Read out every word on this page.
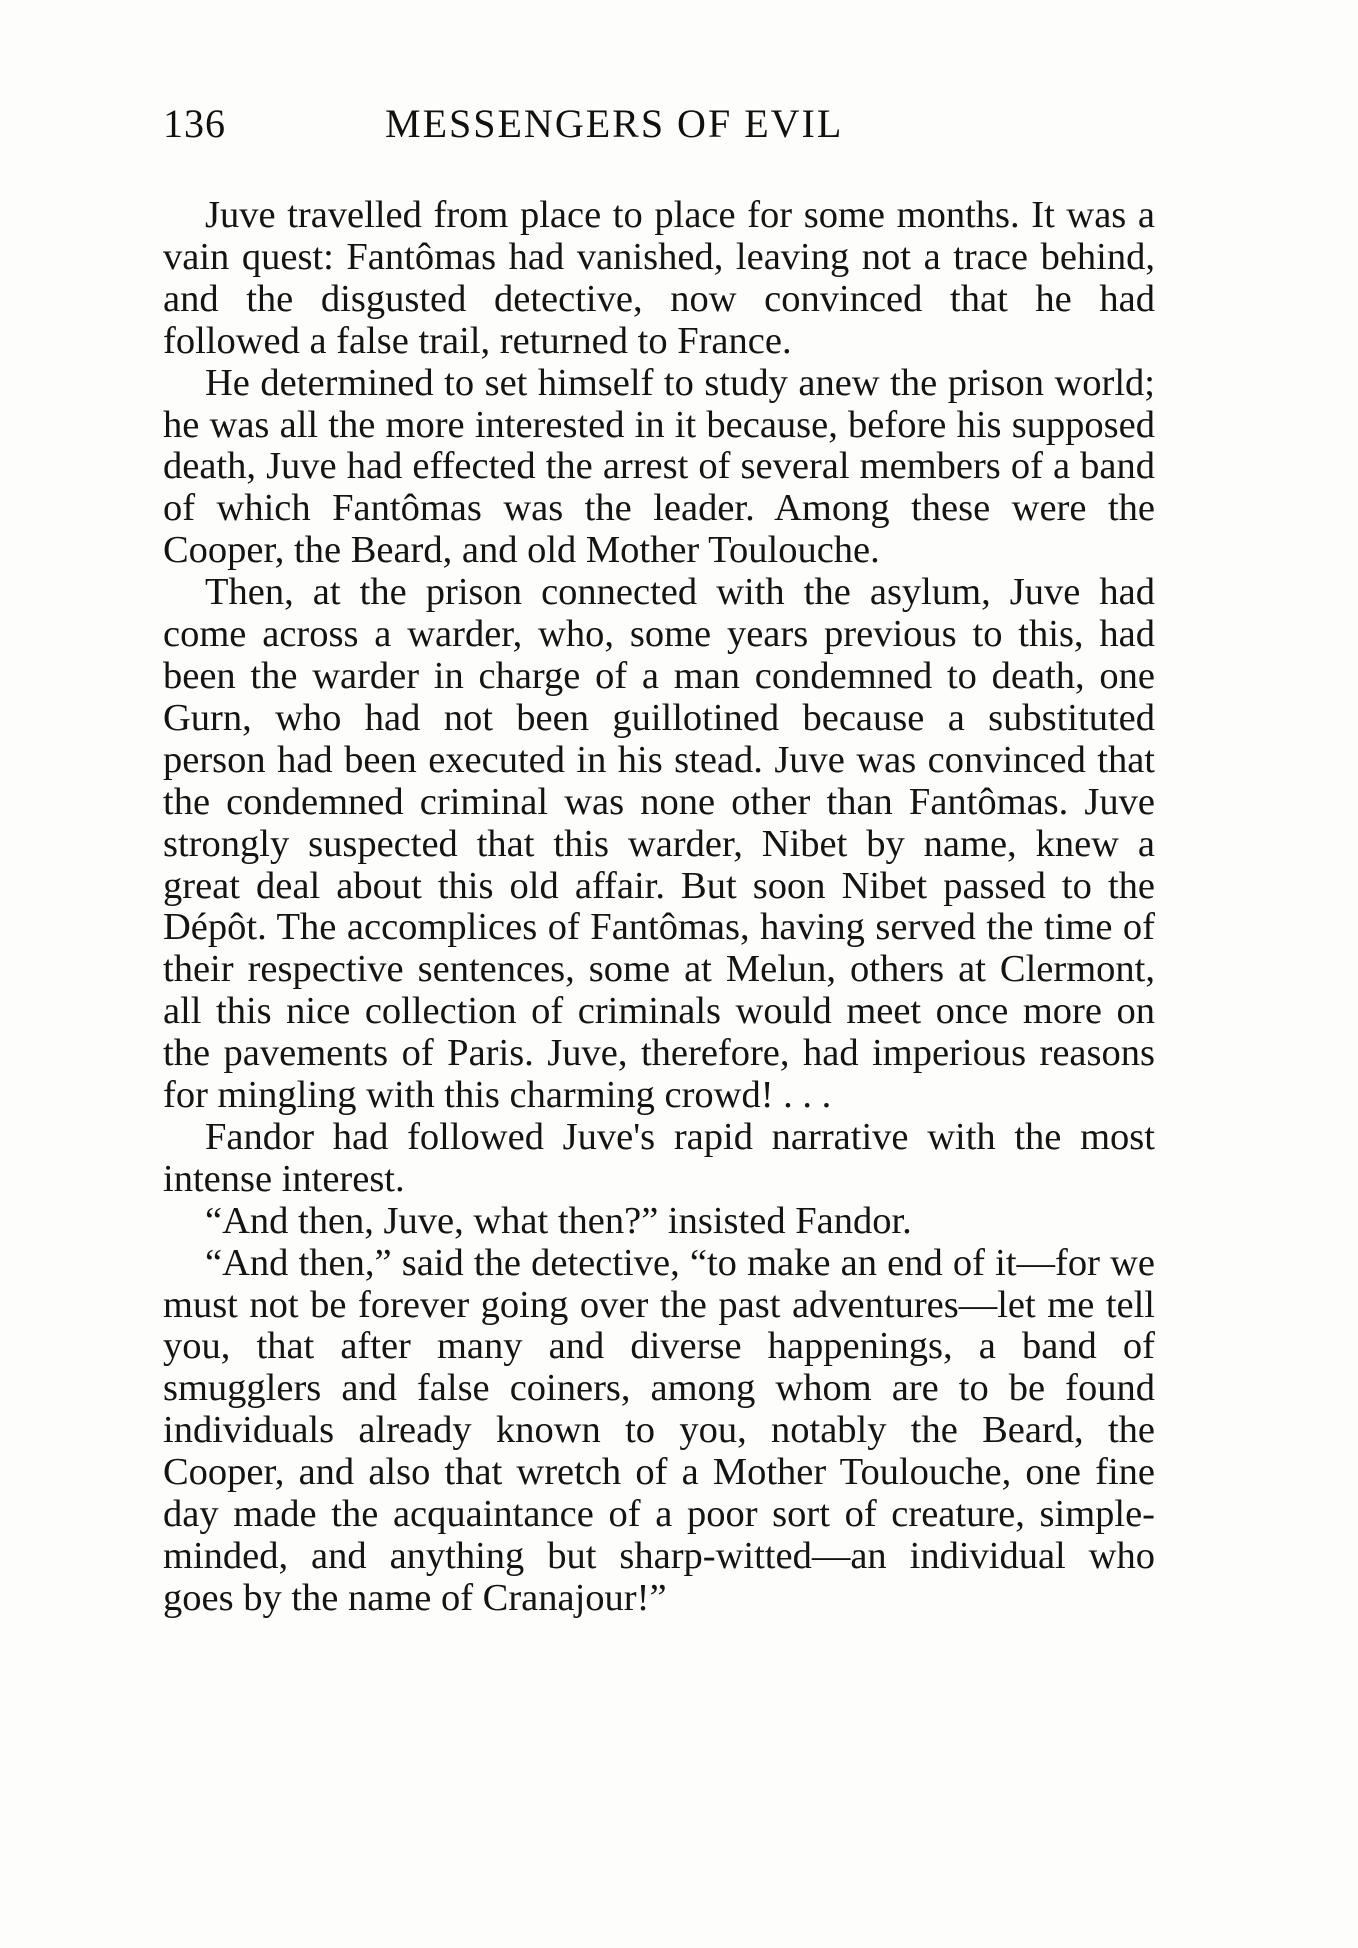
136	MESSENGERS OF EVIL

Juve travelled from place to place for some months. It was a vain quest: Fantômas had vanished, leaving not a trace behind, and the disgusted detective, now convinced that he had followed a false trail, returned to France.

He determined to set himself to study anew the prison world; he was all the more interested in it because, before his supposed death, Juve had effected the arrest of several members of a band of which Fantômas was the leader. Among these were the Cooper, the Beard, and old Mother Toulouche.

Then, at the prison connected with the asylum, Juve had come across a warder, who, some years previous to this, had been the warder in charge of a man condemned to death, one Gurn, who had not been guillotined because a substituted person had been executed in his stead. Juve was convinced that the condemned criminal was none other than Fantômas. Juve strongly suspected that this warder, Nibet by name, knew a great deal about this old affair. But soon Nibet passed to the Dépôt. The accomplices of Fantômas, having served the time of their respective sentences, some at Melun, others at Clermont, all this nice collection of criminals would meet once more on the pavements of Paris. Juve, therefore, had imperious reasons for mingling with this charming crowd! . . .

Fandor had followed Juve's rapid narrative with the most intense interest.

“And then, Juve, what then?” insisted Fandor.

“And then,” said the detective, “to make an end of it—for we must not be forever going over the past adventures—let me tell you, that after many and diverse happenings, a band of smugglers and false coiners, among whom are to be found individuals already known to you, notably the Beard, the Cooper, and also that wretch of a Mother Toulouche, one fine day made the acquaintance of a poor sort of creature, simple-minded, and anything but sharp-witted—an individual who goes by the name of Cranajour!”
